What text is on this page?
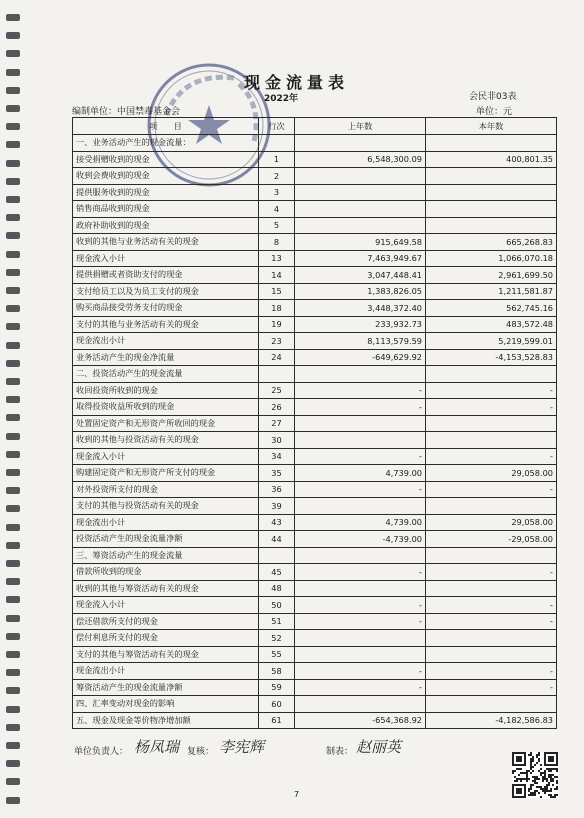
现金流量表
2022年	会民非03表
单位：元
编制单位：中国禁毒基金会
项　　目	行次	上年数	本年数
一、业务活动产生的现金流量：			
接受捐赠收到的现金	1	6,548,300.09	400,801.35
收到会费收到的现金	2		
提供服务收到的现金	3		
销售商品收到的现金	4		
政府补助收到的现金	5		
收到的其他与业务活动有关的现金	8	915,649.58	665,268.83
现金流入小计	13	7,463,949.67	1,066,070.18
提供捐赠或者资助支付的现金	14	3,047,448.41	2,961,699.50
支付给员工以及为员工支付的现金	15	1,383,826.05	1,211,581.87
购买商品接受劳务支付的现金	18	3,448,372.40	562,745.16
支付的其他与业务活动有关的现金	19	233,932.73	483,572.48
现金流出小计	23	8,113,579.59	5,219,599.01
业务活动产生的现金净流量	24	-649,629.92	-4,153,528.83
二、投资活动产生的现金流量			
收回投资所收到的现金	25	-	-
取得投资收益所收到的现金	26	-	-
处置固定资产和无形资产所收回的现金	27		
收到的其他与投资活动有关的现金	30		
现金流入小计	34	-	-
购建固定资产和无形资产所支付的现金	35	4,739.00	29,058.00
对外投资所支付的现金	36	-	-
支付的其他与投资活动有关的现金	39		
现金流出小计	43	4,739.00	29,058.00
投资活动产生的现金流量净额	44	-4,739.00	-29,058.00
三、筹资活动产生的现金流量			
借款所收到的现金	45	-	-
收到的其他与筹资活动有关的现金	48		
现金流入小计	50	-	-
偿还借款所支付的现金	51	-	-
偿付利息所支付的现金	52		
支付的其他与筹资活动有关的现金	55		
现金流出小计	58	-	-
筹资活动产生的现金流量净额	59	-	-
四、汇率变动对现金的影响	60		
五、现金及现金等价物净增加额	61	-654,368.92	-4,182,586.83
单位负责人： 杨凤瑞 复核： 李宪辉	制表： 赵丽英
7
